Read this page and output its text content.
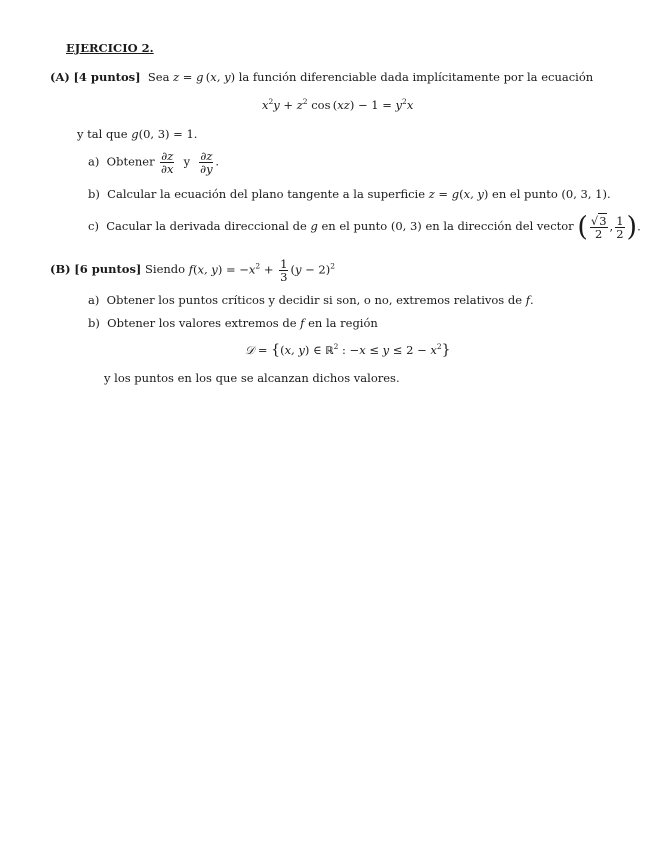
EJERCICIO 2.
(A) [4 puntos] Sea z = g (x, y) la función diferenciable dada implícitamente por la ecuación
$x^2y + z^2$ $\cos (xz) - 1 = y^2x$
y tal que g(0, 3) = 1.
a) Obtener $\frac{\partial z}{\partial x}$ y $\frac{\partial z}{\partial y}$ .
b) Calcular la ecuación del plano tangente a la superficie z = g(x, y) en el punto (0, 3, 1).
c) Cacular la derivada direccional de g en el punto (0, 3) en la dirección del vector ( $\frac{√3}{2}$ , $\frac{1}{2}$ ).
(B) [6 puntos] Siendo f(x, $y) = -x^2 + \frac{1}{3} (y - 2)^2$
a) Obtener los puntos críticos y decidir si son, o no, extremos relativos de f.
b) Obtener los valores extremos de f en la región
𝒟 = {(x, y) ∈ ℝ$^2$ : $-x \le y \le 2 - x^2$}
y los puntos en los que se alcanzan dichos valores.
